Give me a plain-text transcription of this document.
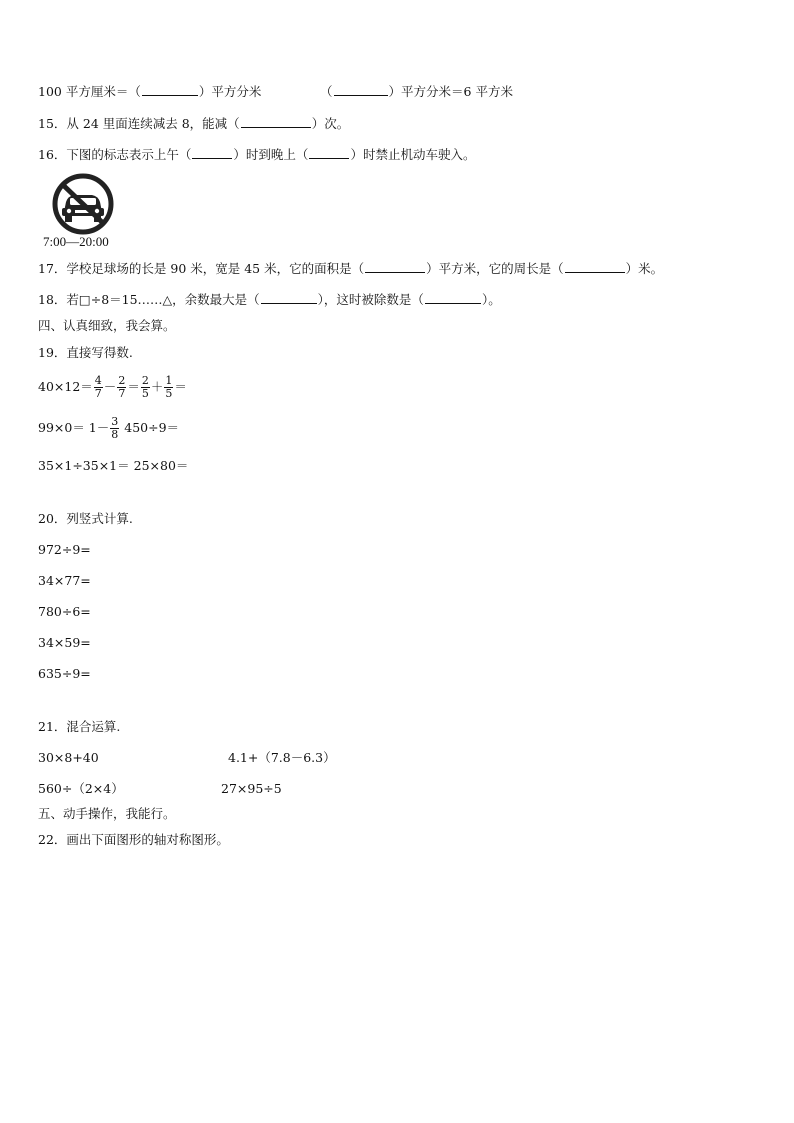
100 平方厘米＝（	）平方分米	（	）平方分米＝6 平方米
15．从 24 里面连续减去 8，能减（	）次。
16．下图的标志表示上午（	）时到晚上（	）时禁止机动车驶入。
7:00—20:00
17．学校足球场的长是 90 米，宽是 45 米，它的面积是（	）平方米，它的周长是（	）米。
18．若□÷8＝15……△，余数最大是（	），这时被除数是（	）。
四、认真细致，我会算。
19．直接写得数.
$40\times 12= \frac{4}{7} - \frac{2}{7} = \frac{2}{5} + \frac{1}{5}$ ＝
$99\times 0= 1- \frac{3}{8} 450\div 9=$
35×1÷35×1＝ 25×80＝
20．列竖式计算.
972÷9=
34×77=
780÷6=
34×59=
635÷9=
21．混合运算.
30×8+40	4.1+（7.8－6.3）
560÷（2×4）	27×95÷5
五、动手操作，我能行。
22．画出下面图形的轴对称图形。
